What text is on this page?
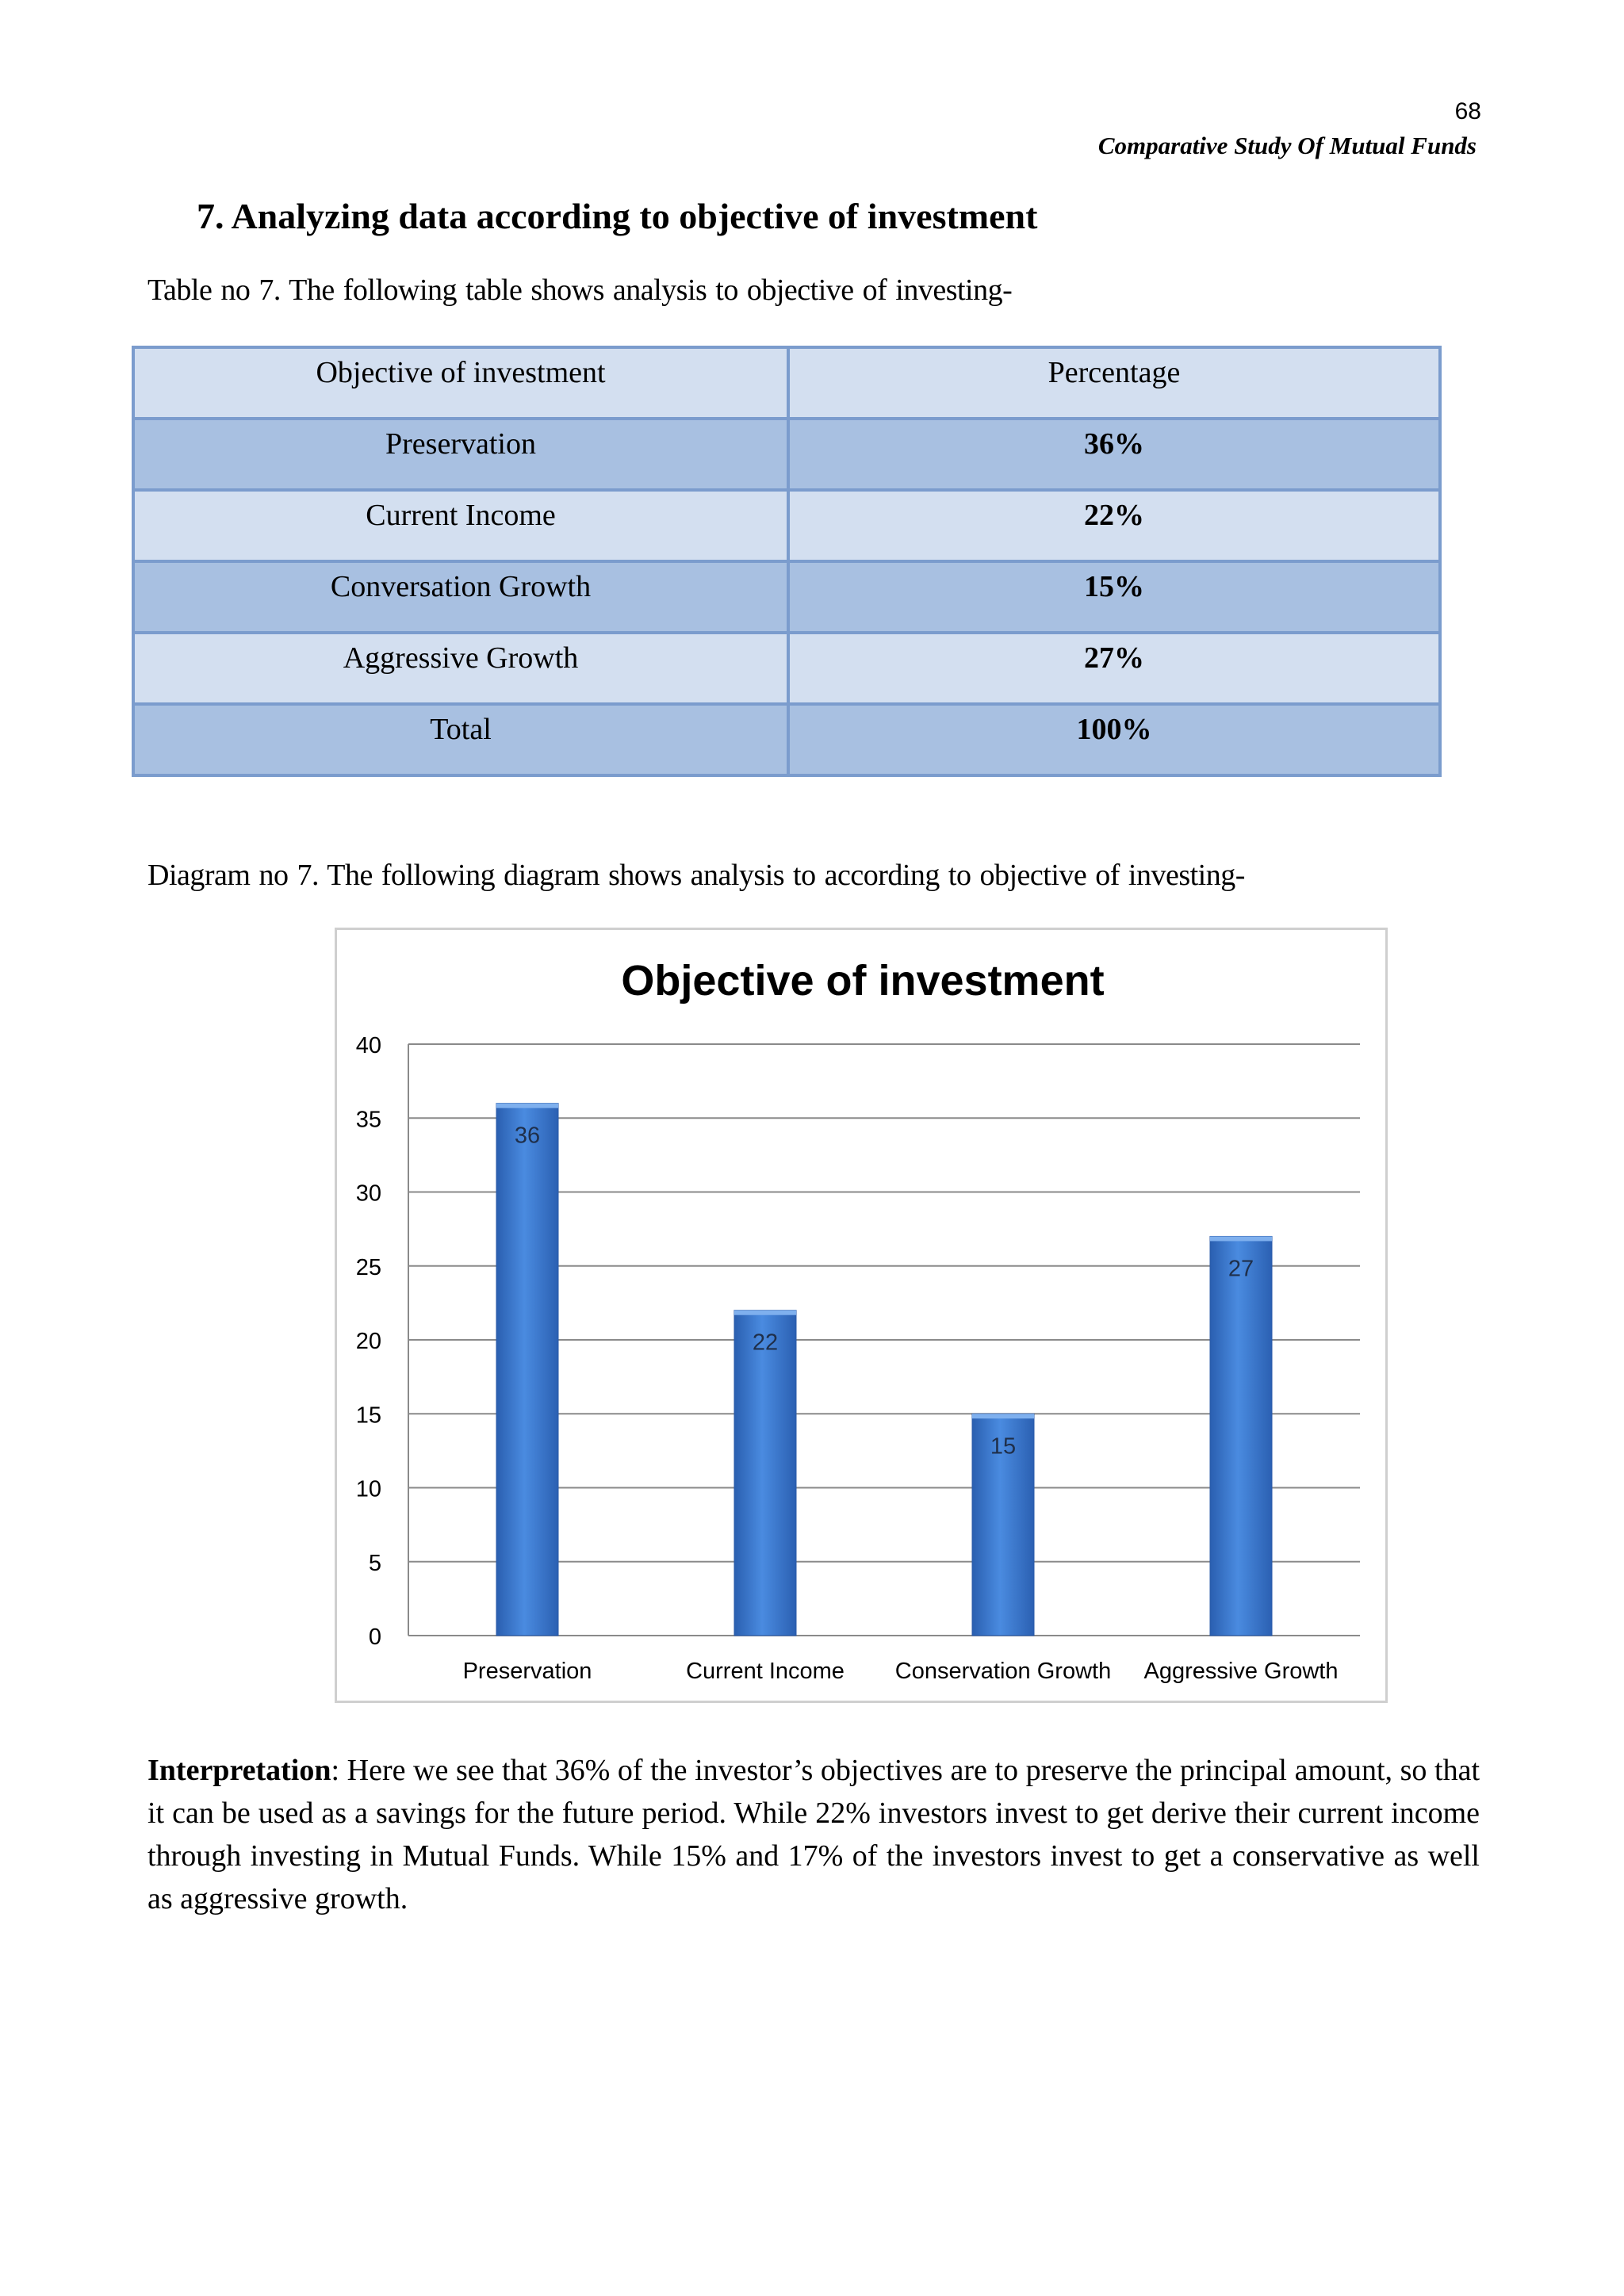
68
Comparative Study Of Mutual Funds
7. Analyzing data according to objective of investment
Table no 7. The following table shows analysis to objective of investing-
Objective of investment	Percentage
Preservation	36%
Current Income	22%
Conversation Growth	15%
Aggressive Growth	27%
Total	100%
Diagram no 7. The following diagram shows analysis to according to objective of investing-
Objective of investment
0
5
10
15
20
25
30
35
40
36
Preservation
22
Current Income
15
Conservation Growth
27
Aggressive Growth

Interpretation: Here we see that 36% of the investor’s objectives are to preserve the principal amount, so that it can be used as a savings for the future period. While 22% investors invest to get derive their current income through investing in Mutual Funds. While 15% and 17% of the investors invest to get a conservative as well as aggressive growth.
